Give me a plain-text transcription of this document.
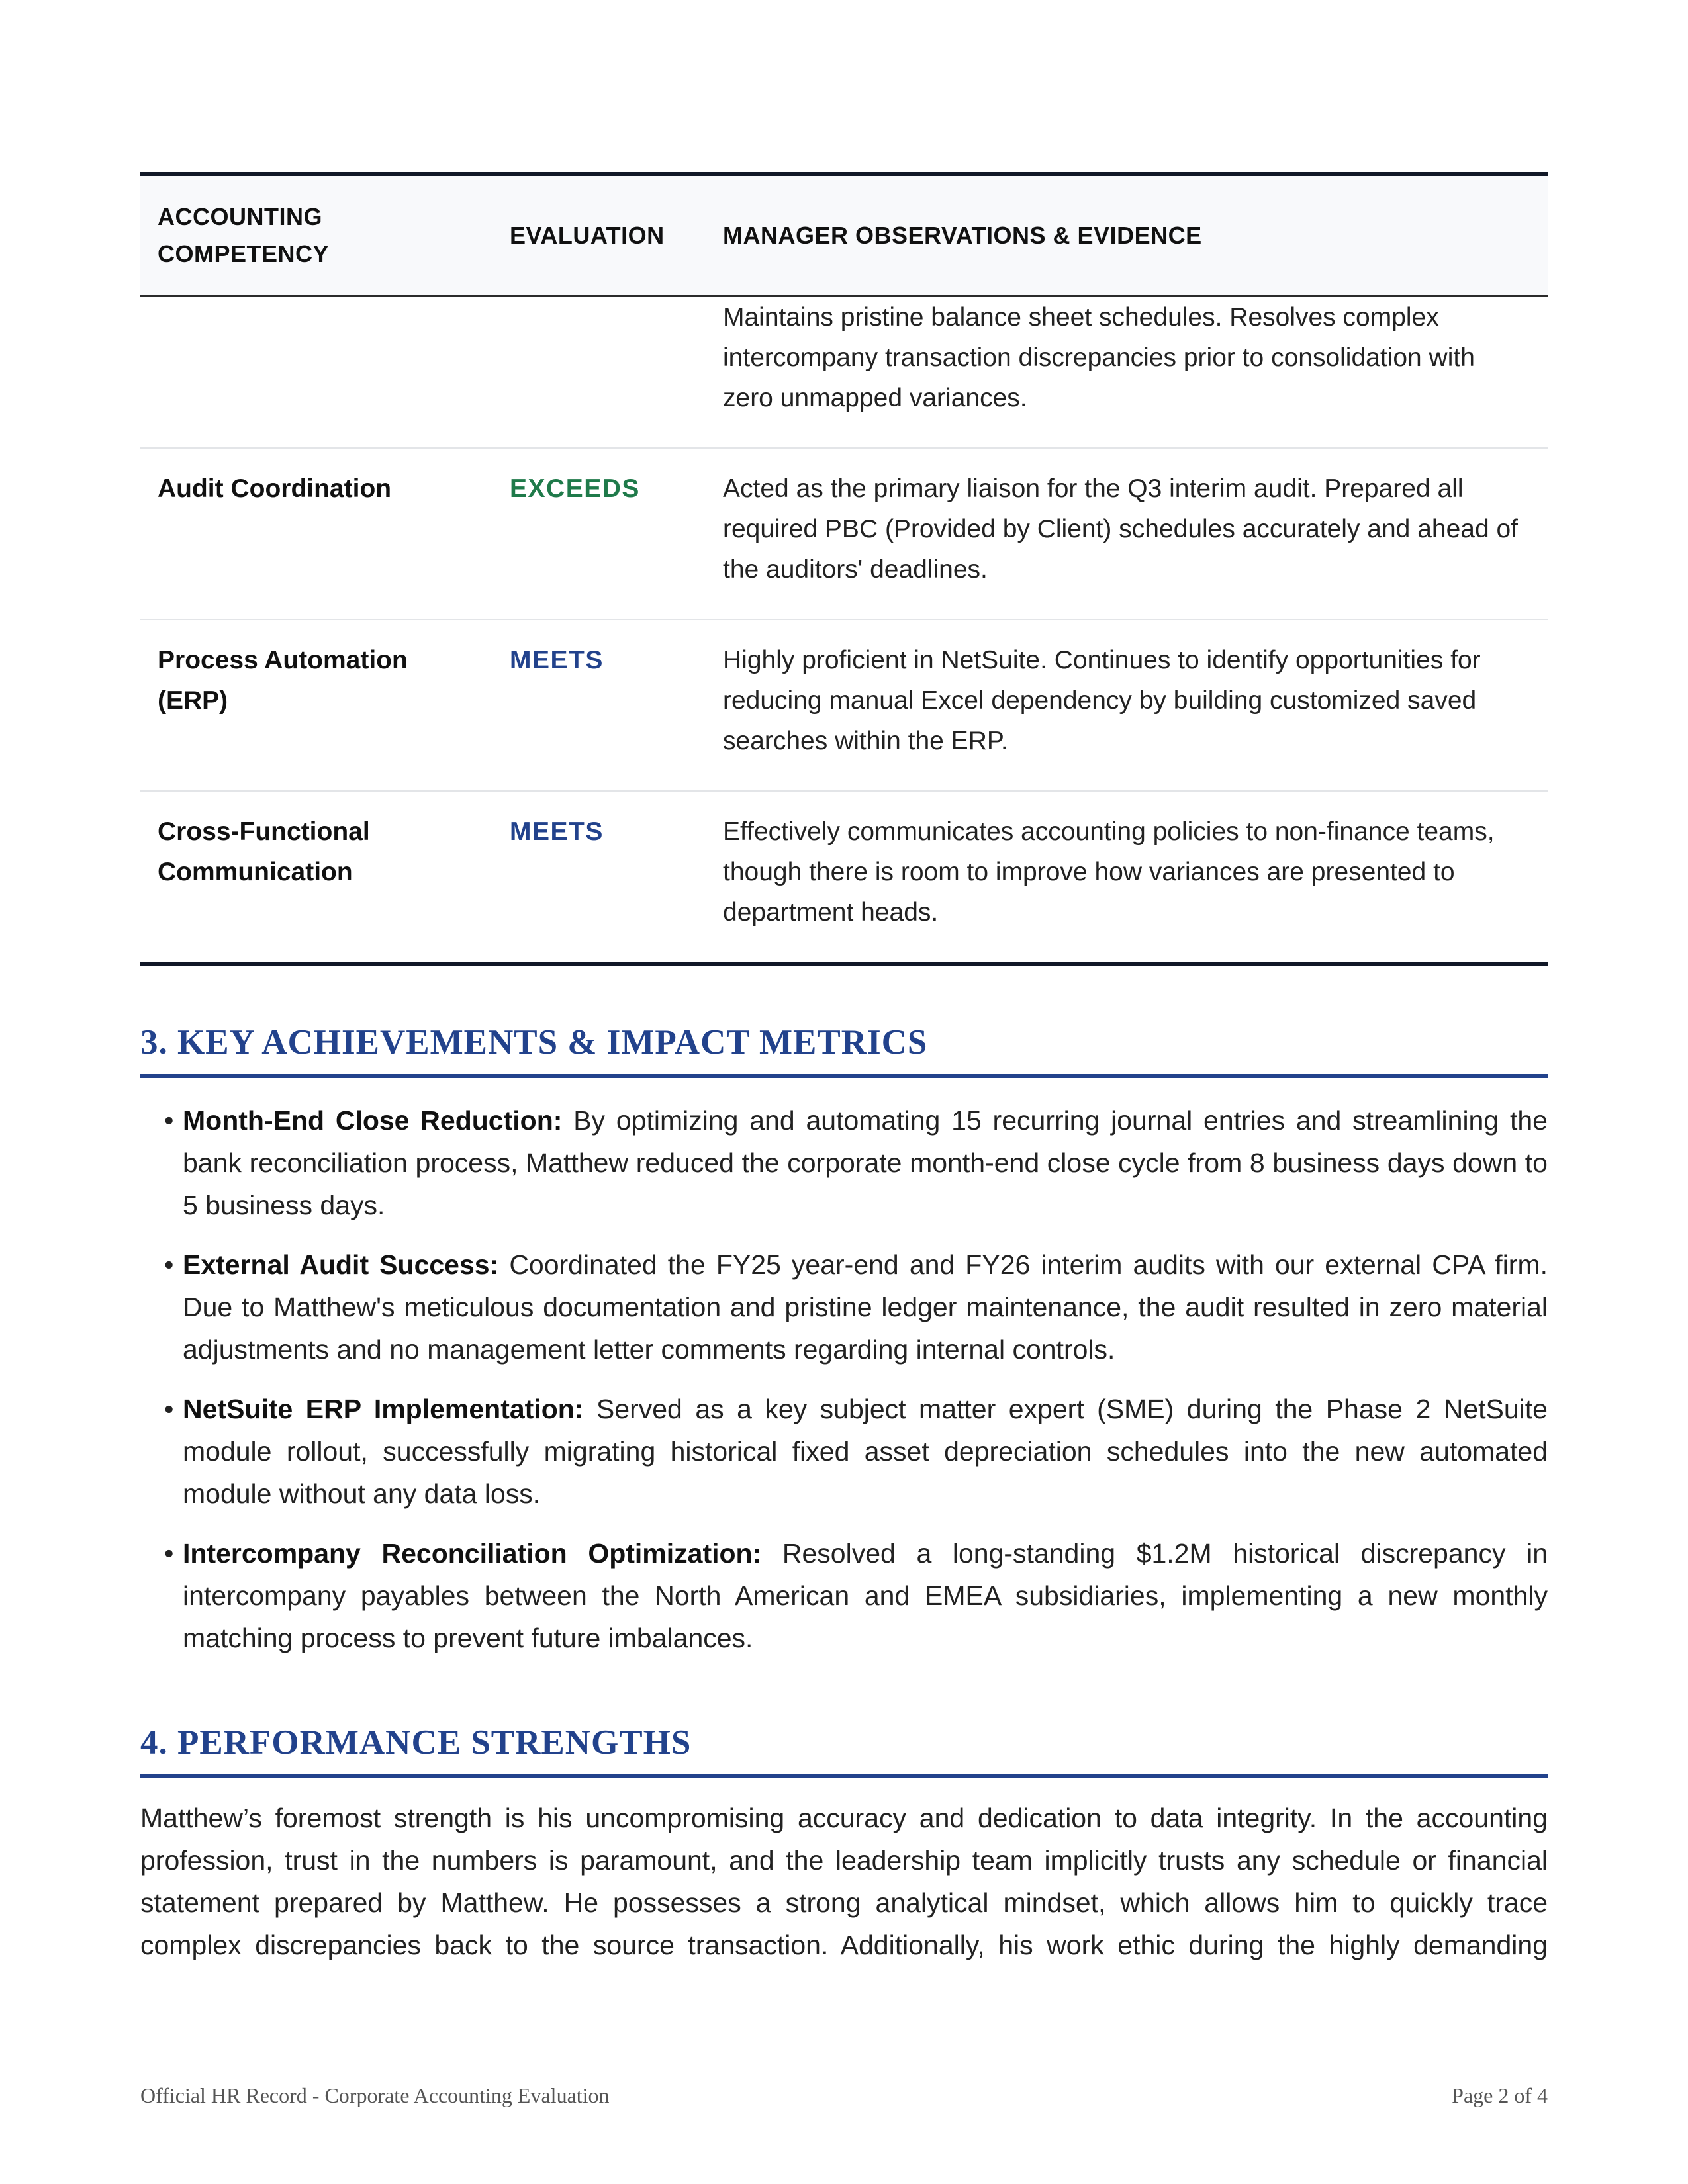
ACCOUNTING COMPETENCY	EVALUATION	MANAGER OBSERVATIONS & EVIDENCE
		Maintains pristine balance sheet schedules. Resolves complex intercompany transaction discrepancies prior to consolidation with zero unmapped variances.
Audit Coordination	EXCEEDS	Acted as the primary liaison for the Q3 interim audit. Prepared all required PBC (Provided by Client) schedules accurately and ahead of the auditors' deadlines.
Process Automation (ERP)	MEETS	Highly proficient in NetSuite. Continues to identify opportunities for reducing manual Excel dependency by building customized saved searches within the ERP.
Cross-Functional Communication	MEETS	Effectively communicates accounting policies to non-finance teams, though there is room to improve how variances are presented to department heads.
3. KEY ACHIEVEMENTS & IMPACT METRICS
• Month-End Close Reduction: By optimizing and automating 15 recurring journal entries and streamlining the bank reconciliation process, Matthew reduced the corporate month-end close cycle from 8 business days down to 5 business days.
• External Audit Success: Coordinated the FY25 year-end and FY26 interim audits with our external CPA firm. Due to Matthew's meticulous documentation and pristine ledger maintenance, the audit resulted in zero material adjustments and no management letter comments regarding internal controls.
• NetSuite ERP Implementation: Served as a key subject matter expert (SME) during the Phase 2 NetSuite module rollout, successfully migrating historical fixed asset depreciation schedules into the new automated module without any data loss.
• Intercompany Reconciliation Optimization: Resolved a long-standing $1.2M historical discrepancy in intercompany payables between the North American and EMEA subsidiaries, implementing a new monthly matching process to prevent future imbalances.
4. PERFORMANCE STRENGTHS

Matthew’s foremost strength is his uncompromising accuracy and dedication to data integrity. In the accounting profession, trust in the numbers is paramount, and the leadership team implicitly trusts any schedule or financial statement prepared by Matthew. He possesses a strong analytical mindset, which allows him to quickly trace complex discrepancies back to the source transaction. Additionally, his work ethic during the highly demanding

Official HR Record - Corporate Accounting Evaluation	Page 2 of 4
